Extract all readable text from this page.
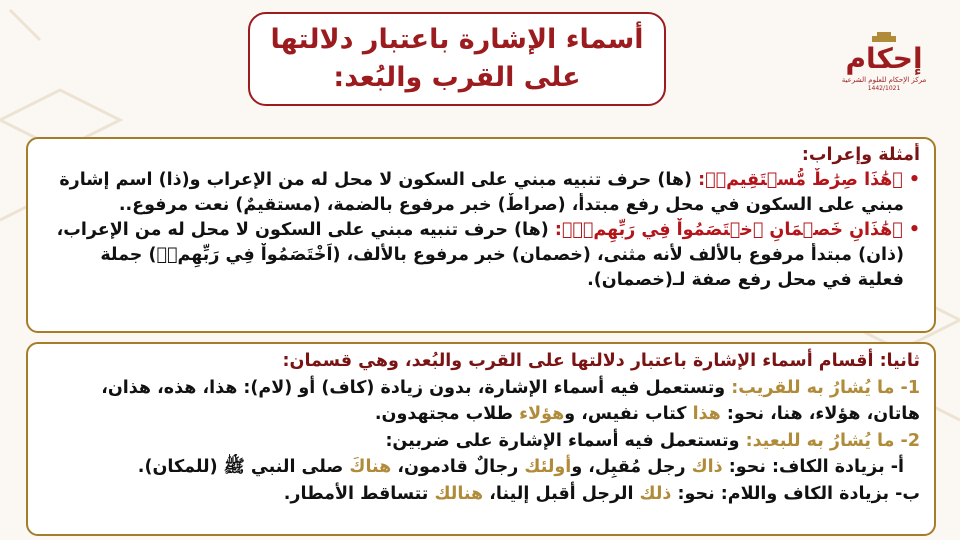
أسماء الإشارة باعتبار دلالتها
على القرب والبُعد:
إحكام
مركز الإحكام للعلوم الشرعية
1442/1021
أمثلة وإعراب:
•﴿هَٰذَا صِرَٰطٌ مُّسۡتَقِيمٞ﴾: (ها) حرف تنبيه مبني على السكون لا محل له من الإعراب و(ذا) اسم إشارة
مبني على السكون في محل رفع مبتدأ، (صراطٌ) خبر مرفوع بالضمة، (مستقيمٌ) نعت مرفوع..
•﴿هَٰذَانِ خَصۡمَانِ ٱخۡتَصَمُواْ فِي رَبِّهِمۡۖ﴾: (ها) حرف تنبيه مبني على السكون لا محل له من الإعراب،
(ذان) مبتدأ مرفوع بالألف لأنه مثنى، (خصمان) خبر مرفوع بالألف، (اَخْتَصَمُواْ فِي رَبِّهِمۡۖ) جملة
فعلية في محل رفع صفة لـ(خصمان).
ثانيا: أقسام أسماء الإشارة باعتبار دلالتها على القرب والبُعد، وهي قسمان:
1- ما يُشارُ به للقريب: وتستعمل فيه أسماء الإشارة، بدون زيادة (كاف) أو (لام): هذا، هذه، هذان،
هاتان، هؤلاء، هنا، نحو: هذا كتاب نفيس، وهؤلاء طلاب مجتهدون.
2- ما يُشارُ به للبعيد: وتستعمل فيه أسماء الإشارة على ضربين:
أ- بزيادة الكاف: نحو: ذاك رجل مُقبِل، وأولئك رجالٌ قادمون، هناكَ صلى النبي ﷺ (للمكان).
ب- بزيادة الكاف واللام: نحو: ذلك الرجل أقبل إلينا، هنالك تتساقط الأمطار.
